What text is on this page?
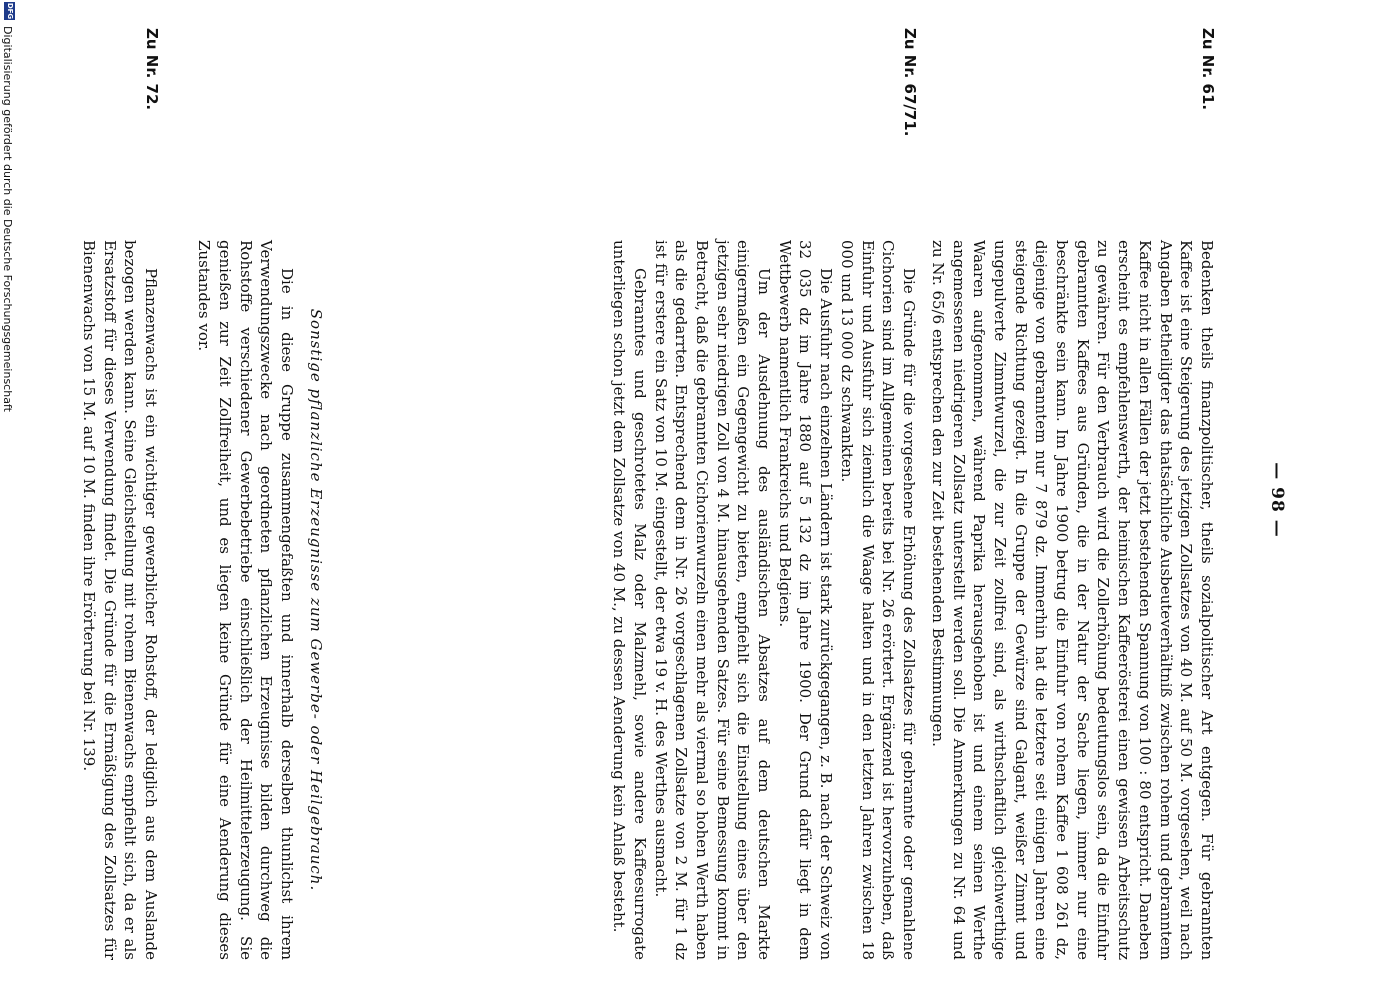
— 98 —
Zu Nr. 61.

Bedenken theils finanzpolitischer, theils sozialpolitischer Art entgegen. Für gebrannten Kaffee ist eine Steigerung des jetzigen Zollsatzes von 40 M. auf 50 M. vorgesehen, weil nach Angaben Betheiligter das thatsächliche Ausbeuteverhältniß zwischen rohem und gebranntem Kaffee nicht in allen Fällen der jetzt bestehenden Spannung von 100 : 80 entspricht. Daneben erscheint es empfehlenswerth, der heimischen Kaffeerösterei einen gewissen Arbeitsschutz zu gewähren. Für den Verbrauch wird die Zollerhöhung bedeutungslos sein, da die Einfuhr gebrannten Kaffees aus Gründen, die in der Natur der Sache liegen, immer nur eine beschränkte sein kann. Im Jahre 1900 betrug die Einfuhr von rohem Kaffee 1 608 261 dz, diejenige von gebranntem nur 7 879 dz. Immerhin hat die letztere seit einigen Jahren eine steigende Richtung gezeigt. In die Gruppe der Gewürze sind Galgant, weißer Zimmt und ungepulverte Zimmtwurzel, die zur Zeit zollfrei sind, als wirthschaftlich gleichwerthige Waaren aufgenommen, während Paprika herausgehoben ist und einem seinen Werthe angemessenen niedrigeren Zollsatz unterstellt werden soll. Die Anmerkungen zu Nr. 64 und zu Nr. 65/6 entsprechen den zur Zeit bestehenden Bestimmungen.

Die Gründe für die vorgesehene Erhöhung des Zollsatzes für gebrannte oder gemahlene Cichorien sind im Allgemeinen bereits bei Nr. 26 erörtert. Ergänzend ist hervorzuheben, daß Einfuhr und Ausfuhr sich ziemlich die Waage halten und in den letzten Jahren zwischen 18 000 und 13 000 dz schwankten.

Die Ausfuhr nach einzelnen Ländern ist stark zurückgegangen, z. B. nach der Schweiz von 32 035 dz im Jahre 1880 auf 5 132 dz im Jahre 1900. Der Grund dafür liegt in dem Wettbewerb namentlich Frankreichs und Belgiens.

Um der Ausdehnung des ausländischen Absatzes auf dem deutschen Markte einigermaßen ein Gegengewicht zu bieten, empfiehlt sich die Einstellung eines über den jetzigen sehr niedrigen Zoll von 4 M. hinausgehenden Satzes. Für seine Bemessung kommt in Betracht, daß die gebrannten Cichorienwurzeln einen mehr als viermal so hohen Werth haben als die gedarrten. Entsprechend dem in Nr. 26 vorgeschlagenen Zollsatze von 2 M. für 1 dz ist für erstere ein Satz von 10 M. eingestellt, der etwa 19 v. H. des Werthes ausmacht.

Gebranntes und geschrotetes Malz oder Malzmehl, sowie andere Kaffeesurrogate unterliegen schon jetzt dem Zollsatze von 40 M., zu dessen Aenderung kein Anlaß besteht.

Sonstige pflanzliche Erzeugnisse zum Gewerbe- oder Heilgebrauch.

Die in diese Gruppe zusammengefaßten und innerhalb derselben thunlichst ihrem Verwendungszwecke nach geordneten pflanzlichen Erzeugnisse bilden durchweg die Rohstoffe verschiedener Gewerbebetriebe einschließlich der Heilmittelerzeugung. Sie genießen zur Zeit Zollfreiheit, und es liegen keine Gründe für eine Aenderung dieses Zustandes vor.

Pflanzenwachs ist ein wichtiger gewerblicher Rohstoff, der lediglich aus dem Auslande bezogen werden kann. Seine Gleichstellung mit rohem Bienenwachs empfiehlt sich, da er als Ersatzstoff für dieses Verwendung findet. Die Gründe für die Ermäßigung des Zollsatzes für Bienenwachs von 15 M. auf 10 M. finden ihre Erörterung bei Nr. 139.

DFG
Digitalisierung gefördert durch die Deutsche Forschungsgemeinschaft	Zu Nr. 67/71.
Zu Nr. 72.
